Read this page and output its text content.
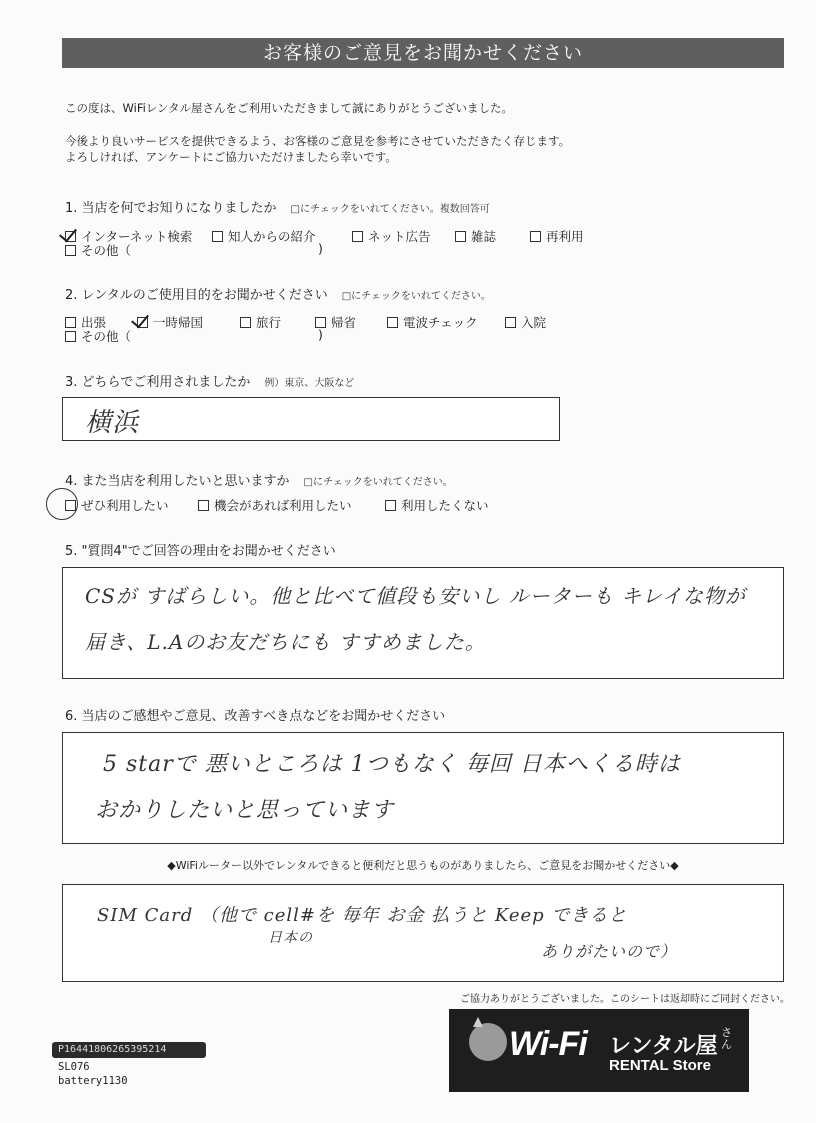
お客様のご意見をお聞かせください
この度は、WiFiレンタル屋さんをご利用いただきまして誠にありがとうございました。
今後より良いサービスを提供できるよう、お客様のご意見を参考にさせていただきたく存じます。
よろしければ、アンケートにご協力いただけましたら幸いです。
1. 当店を何でお知りになりましたか □にチェックをいれてください。複数回答可
インターネット検索	知人からの紹介	ネット広告	雑誌	再利用
その他（	)
2. レンタルのご使用目的をお聞かせください □にチェックをいれてください。
出張	一時帰国	旅行	帰省	電波チェック	入院
その他（	)
3. どちらでご利用されましたか 例）東京、大阪など
横浜
4. また当店を利用したいと思いますか □にチェックをいれてください。
ぜひ利用したい	機会があれば利用したい	利用したくない
5. "質問4"でご回答の理由をお聞かせください
CSが すばらしい。他と比べて値段も安いし ルーターも キレイな物が
届き、L.Aのお友だちにも すすめました。
6. 当店のご感想やご意見、改善すべき点などをお聞かせください
5 starで 悪いところは 1つもなく 毎回 日本へくる時は
おかりしたいと思っています
◆WiFiルーター以外でレンタルできると便利だと思うものがありましたら、ご意見をお聞かせください◆
SIM Card （他で cell#を 毎年 お金 払うと Keep できると
日本の
ありがたいので）
ご協力ありがとうございました。このシートは返却時にご同封ください。
P16441806265395214
SL076
battery1130
Wi-Fi レンタル屋
さん
RENTAL Store
